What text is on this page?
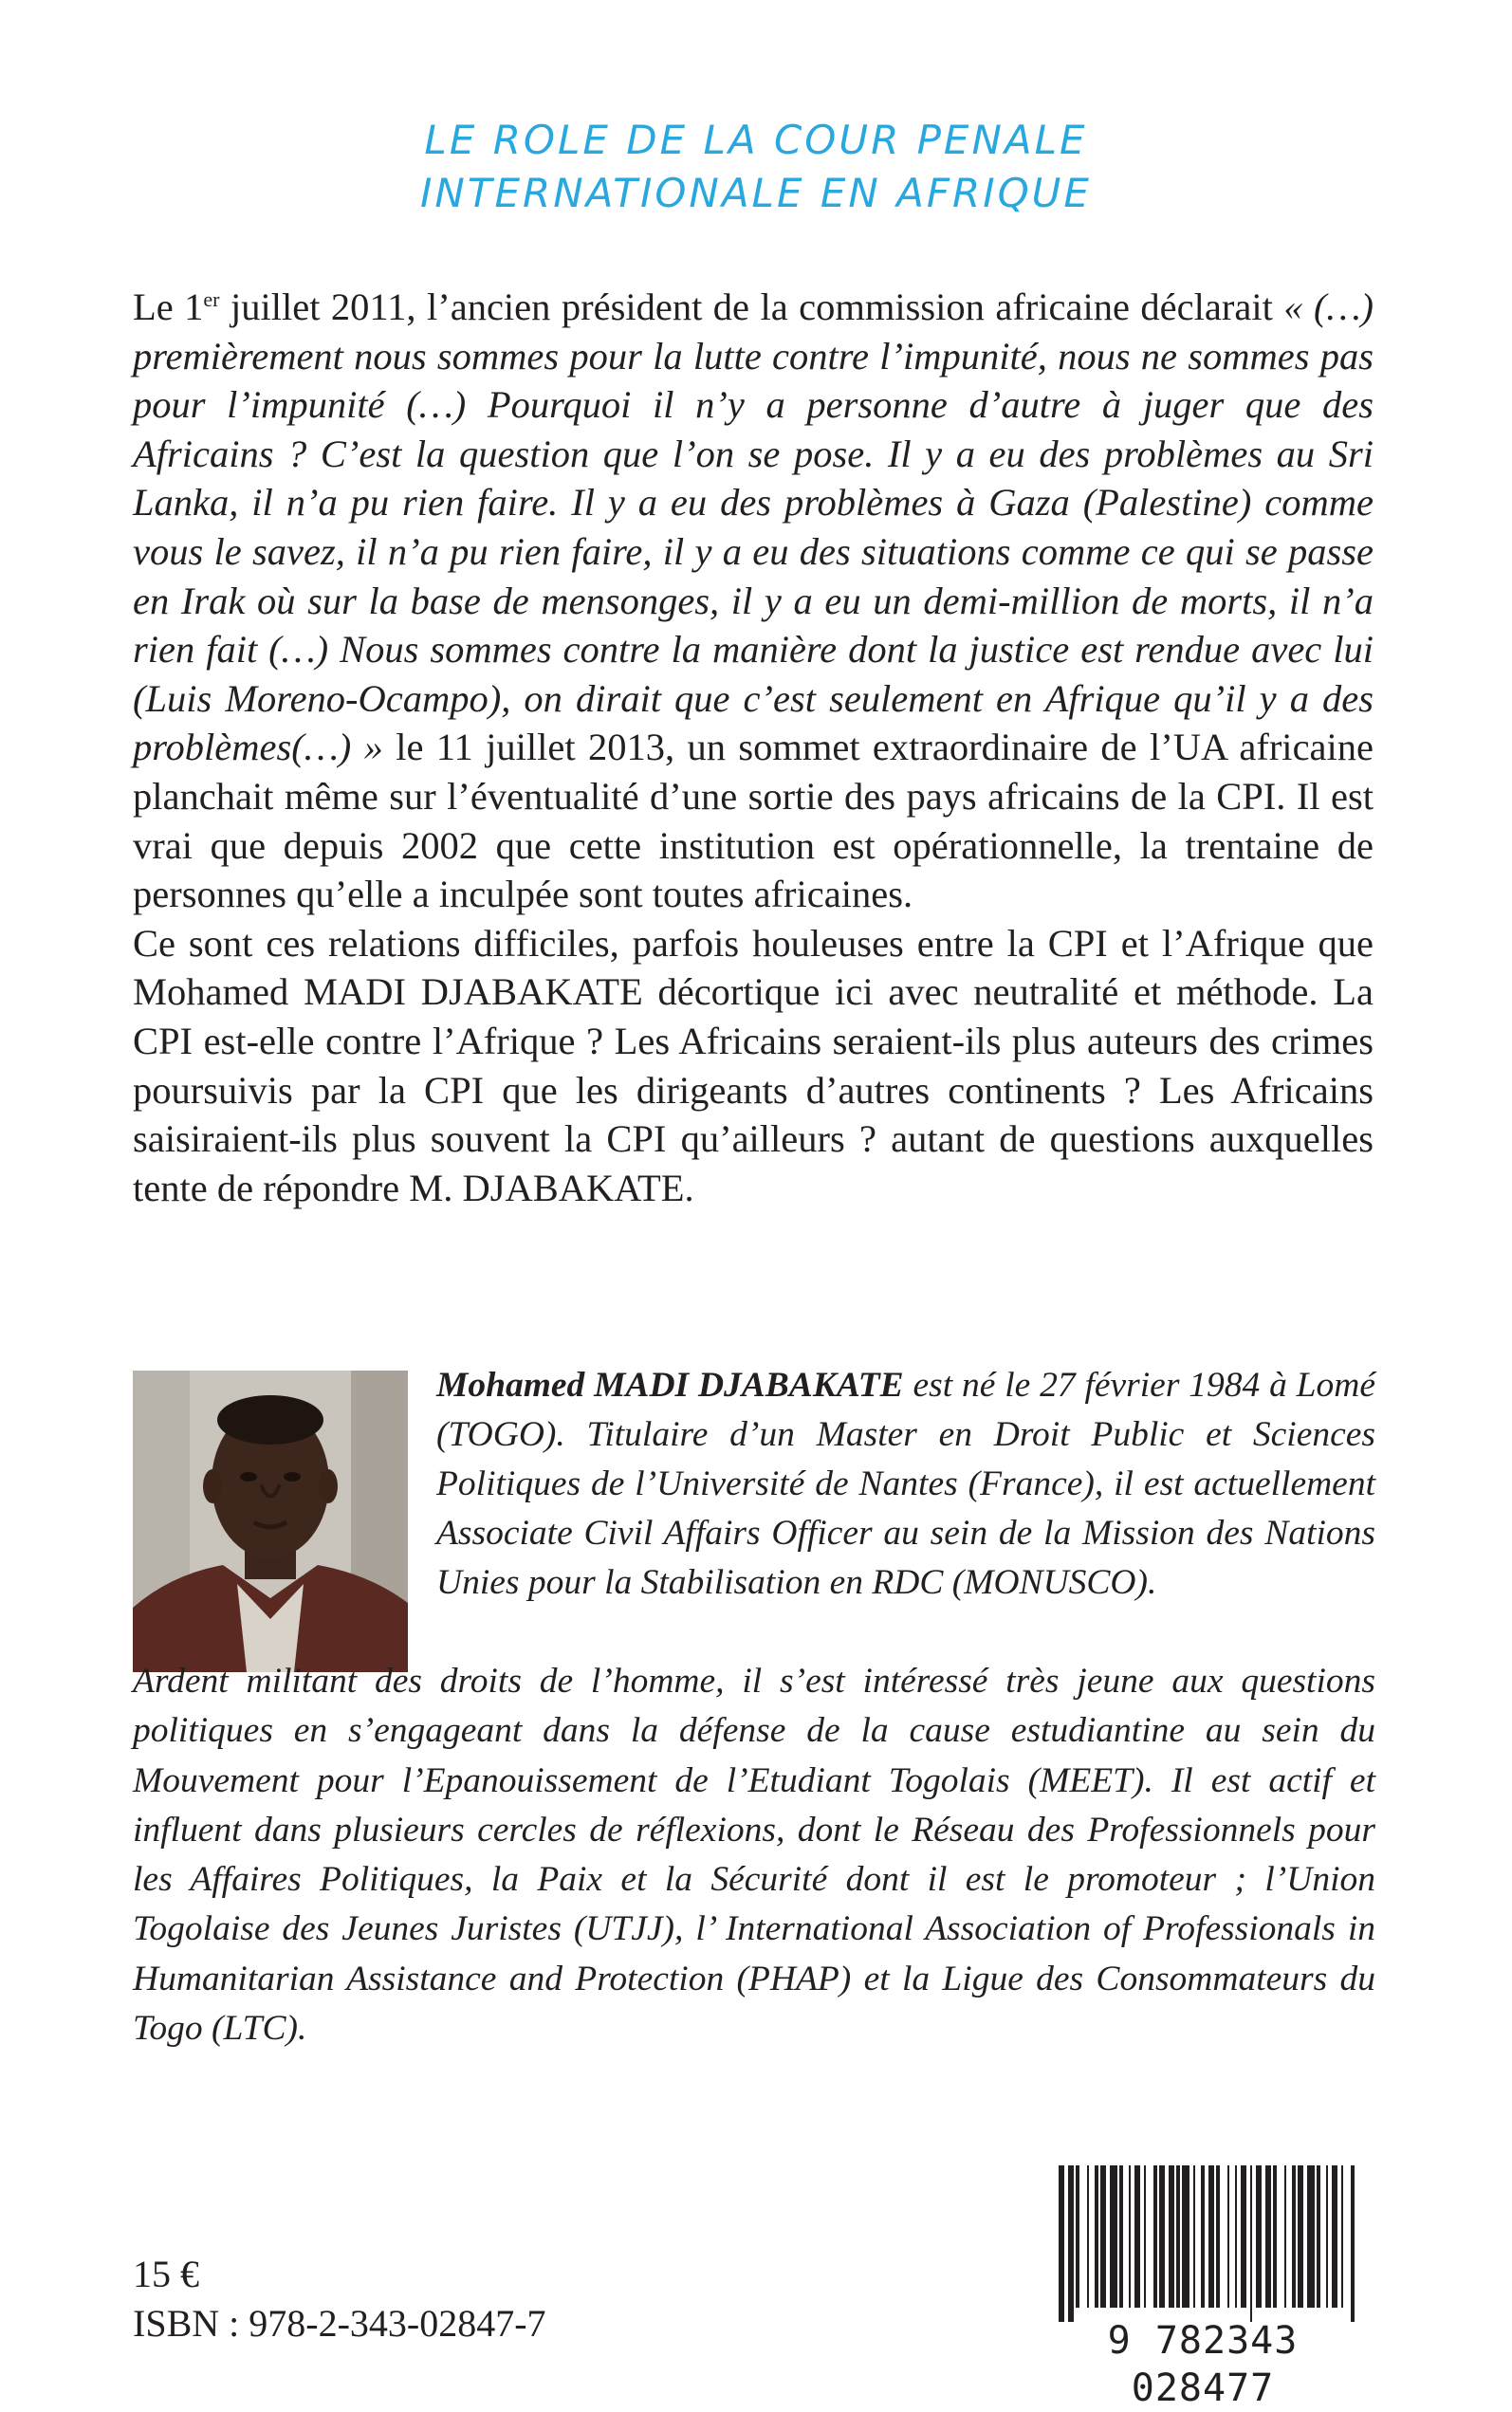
LE ROLE DE LA COUR PENALE
INTERNATIONALE EN AFRIQUE

Le 1er juillet 2011, l’ancien président de la commission africaine déclarait « (…) premièrement nous sommes pour la lutte contre l’impunité, nous ne sommes pas pour l’impunité (…) Pourquoi il n’y a personne d’autre à juger que des Africains ? C’est la question que l’on se pose. Il y a eu des problèmes au Sri Lanka, il n’a pu rien faire. Il y a eu des problèmes à Gaza (Palestine) comme vous le savez, il n’a pu rien faire, il y a eu des situations comme ce qui se passe en Irak où sur la base de mensonges, il y a eu un demi-million de morts, il n’a rien fait (…) Nous sommes contre la manière dont la justice est rendue avec lui (Luis Moreno-Ocampo), on dirait que c’est seulement en Afrique qu’il y a des problèmes(…) » le 11 juillet 2013, un sommet extraordinaire de l’UA africaine planchait même sur l’éventualité d’une sortie des pays africains de la CPI. Il est vrai que depuis 2002 que cette institution est opérationnelle, la trentaine de personnes qu’elle a inculpée sont toutes africaines.

Ce sont ces relations difficiles, parfois houleuses entre la CPI et l’Afrique que Mohamed MADI DJABAKATE décortique ici avec neutralité et méthode. La CPI est-elle contre l’Afrique ? Les Africains seraient-ils plus auteurs des crimes poursuivis par la CPI que les dirigeants d’autres continents ? Les Africains saisiraient-ils plus souvent la CPI qu’ailleurs ? autant de questions auxquelles tente de répondre M. DJABAKATE.

Mohamed MADI DJABAKATE est né le 27 février 1984 à Lomé (TOGO). Titulaire d’un Master en Droit Public et Sciences Politiques de l’Université de Nantes (France), il est actuellement Associate Civil Affairs Officer au sein de la Mission des Nations Unies pour la Stabilisation en RDC (MONUSCO).
Ardent militant des droits de l’homme, il s’est intéressé très jeune aux questions politiques en s’engageant dans la défense de la cause estudiantine au sein du Mouvement pour l’Epanouissement de l’Etudiant Togolais (MEET). Il est actif et influent dans plusieurs cercles de réflexions, dont le Réseau des Professionnels pour les Affaires Politiques, la Paix et la Sécurité dont il est le promoteur ; l’Union Togolaise des Jeunes Juristes (UTJJ), l’ International Association of Professionals in Humanitarian Assistance and Protection (PHAP) et la Ligue des Consommateurs du Togo (LTC).
15 €
ISBN : 978-2-343-02847-7	9 782343 028477
